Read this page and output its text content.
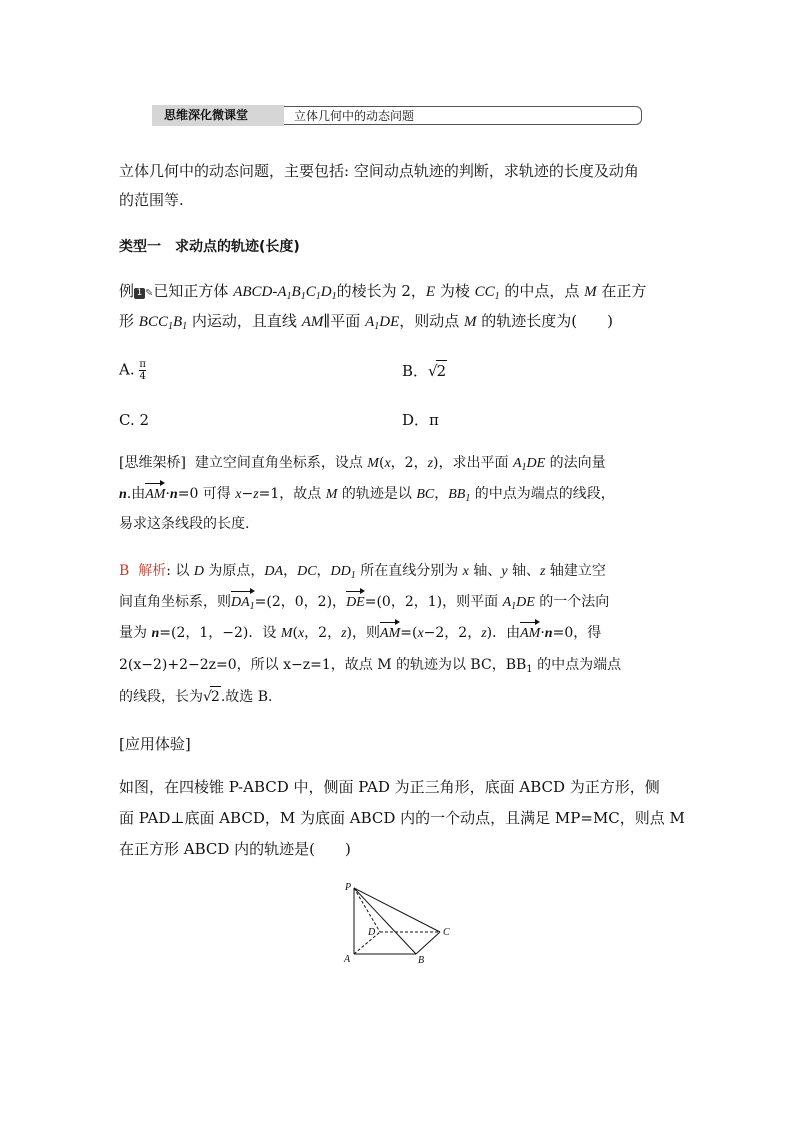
思维深化微课堂	立体几何中的动态问题
立体几何中的动态问题，主要包括: 空间动点轨迹的判断，求轨迹的长度及动角
的范围等.
类型一　求动点的轨迹(长度)
例 1 ✎已知正方体 ABCD-$A_1B_1C_1D_1$的棱长为 2，E 为棱 $CC_1$ 的中点，点 M 在正方
形 $BCC_1B_1$ 内运动，且直线 AM∥平面 $A_1DE$，则动点 M 的轨迹长度为(　　)
A. $\frac{\pi}{4}$	B．√2
C. 2	D．π
[思维架桥] 建立空间直角坐标系，设点 M(x，2，z)，求出平面 $A_1DE$ 的法向量
n.由AM·n=0 可得 x−z=1，故点 M 的轨迹是以 BC，$BB_1$ 的中点为端点的线段，
易求这条线段的长度.
B 解析: 以 D 为原点，DA，DC，$DD_1$ 所在直线分别为 x 轴、y 轴、z 轴建立空
间直角坐标系，则$DA_1=(2$，0，2)，DE=(0，2，1)，则平面 $A_1DE$ 的一个法向
量为 n=(2，1，−2)．设 M(x，2，z)，则AM=(x−2，2，z)．由AM·n=0，得
2(x−2)+2−2z=0，所以 x−z=1，故点 M 的轨迹为以 BC，$BB_1$ 的中点为端点
的线段，长为√2.故选 B.
[应用体验]
如图，在四棱锥 P-ABCD 中，侧面 PAD 为正三角形，底面 ABCD 为正方形，侧
面 PAD⊥底面 ABCD，M 为底面 ABCD 内的一个动点，且满足 MP=MC，则点 M
在正方形 ABCD 内的轨迹是(　　)
P
D	C
A	B
